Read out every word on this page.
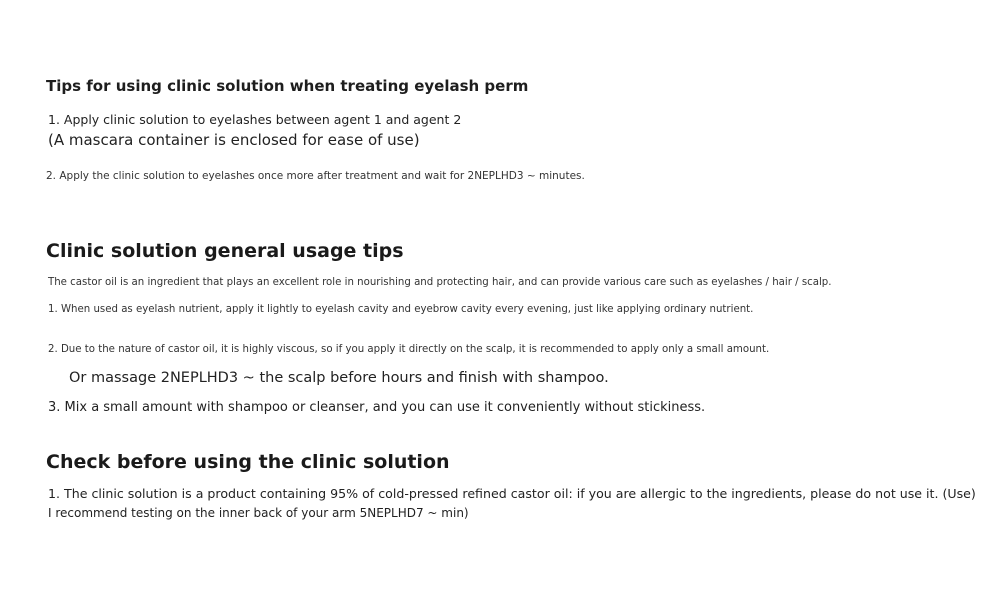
Tips for using clinic solution when treating eyelash perm

1. Apply clinic solution to eyelashes between agent 1 and agent 2

(A mascara container is enclosed for ease of use)

2. Apply the clinic solution to eyelashes once more after treatment and wait for 2NEPLHD3 ~ minutes.

Clinic solution general usage tips

The castor oil is an ingredient that plays an excellent role in nourishing and protecting hair, and can provide various care such as eyelashes / hair / scalp.

1. When used as eyelash nutrient, apply it lightly to eyelash cavity and eyebrow cavity every evening, just like applying ordinary nutrient.

2. Due to the nature of castor oil, it is highly viscous, so if you apply it directly on the scalp, it is recommended to apply only a small amount.

Or massage 2NEPLHD3 ~ the scalp before hours and finish with shampoo.

3. Mix a small amount with shampoo or cleanser, and you can use it conveniently without stickiness.

Check before using the clinic solution

1. The clinic solution is a product containing 95% of cold-pressed refined castor oil: if you are allergic to the ingredients, please do not use it. (Use)

I recommend testing on the inner back of your arm 5NEPLHD7 ~ min)
